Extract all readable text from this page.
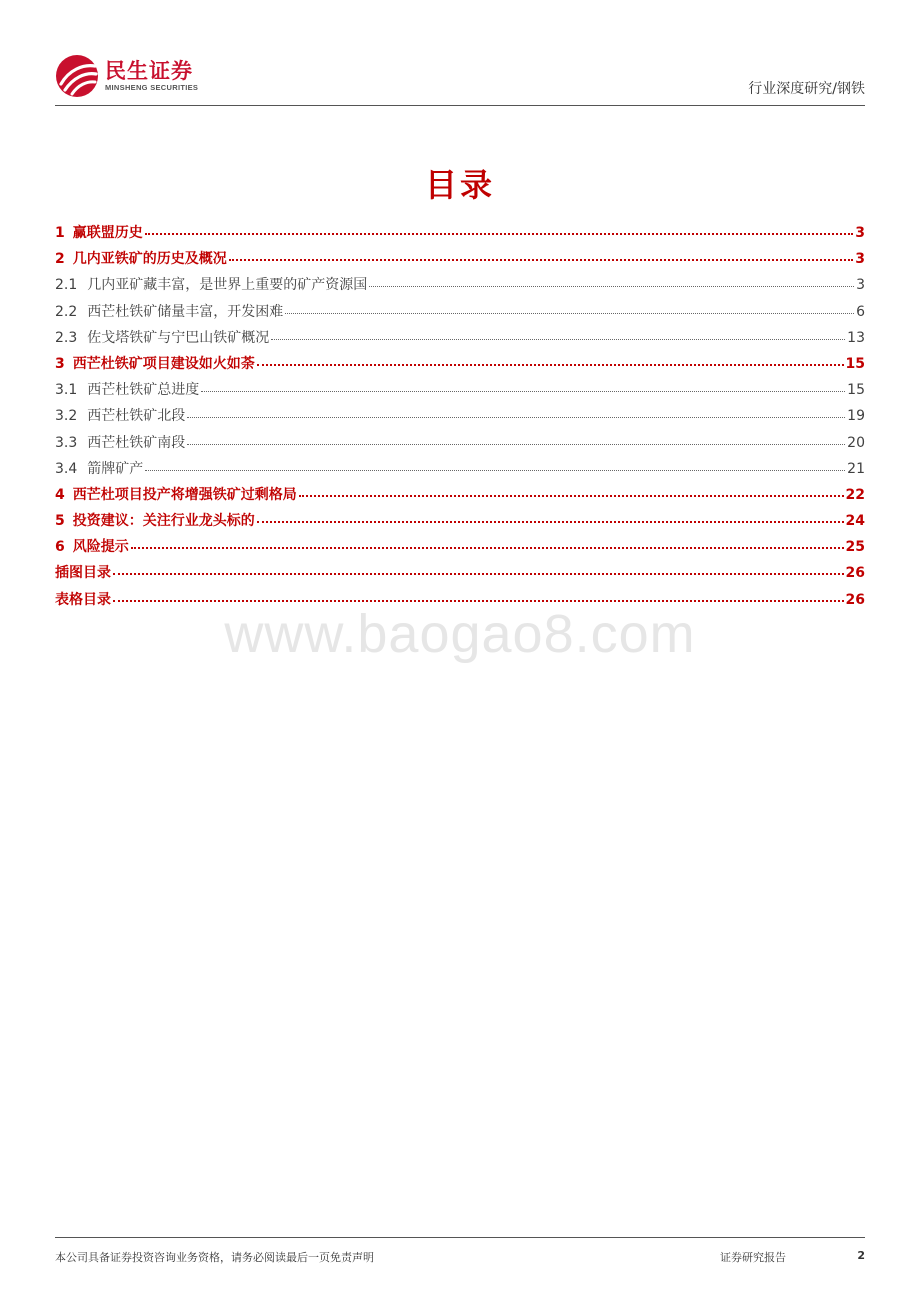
民生证券
MINSHENG SECURITIES	行业深度研究/钢铁
目录
1 赢联盟历史	3
2 几内亚铁矿的历史及概况	3
2.1 几内亚矿藏丰富，是世界上重要的矿产资源国	3
2.2 西芒杜铁矿储量丰富，开发困难	6
2.3 佐戈塔铁矿与宁巴山铁矿概况	13
3 西芒杜铁矿项目建设如火如荼	15
3.1 西芒杜铁矿总进度	15
3.2 西芒杜铁矿北段	19
3.3 西芒杜铁矿南段	20
3.4 箭牌矿产	21
4 西芒杜项目投产将增强铁矿过剩格局	22
5 投资建议：关注行业龙头标的	24
6 风险提示	25
插图目录	26
表格目录	26
www.baogao8.com
本公司具备证券投资咨询业务资格，请务必阅读最后一页免责声明	证券研究报告	2
